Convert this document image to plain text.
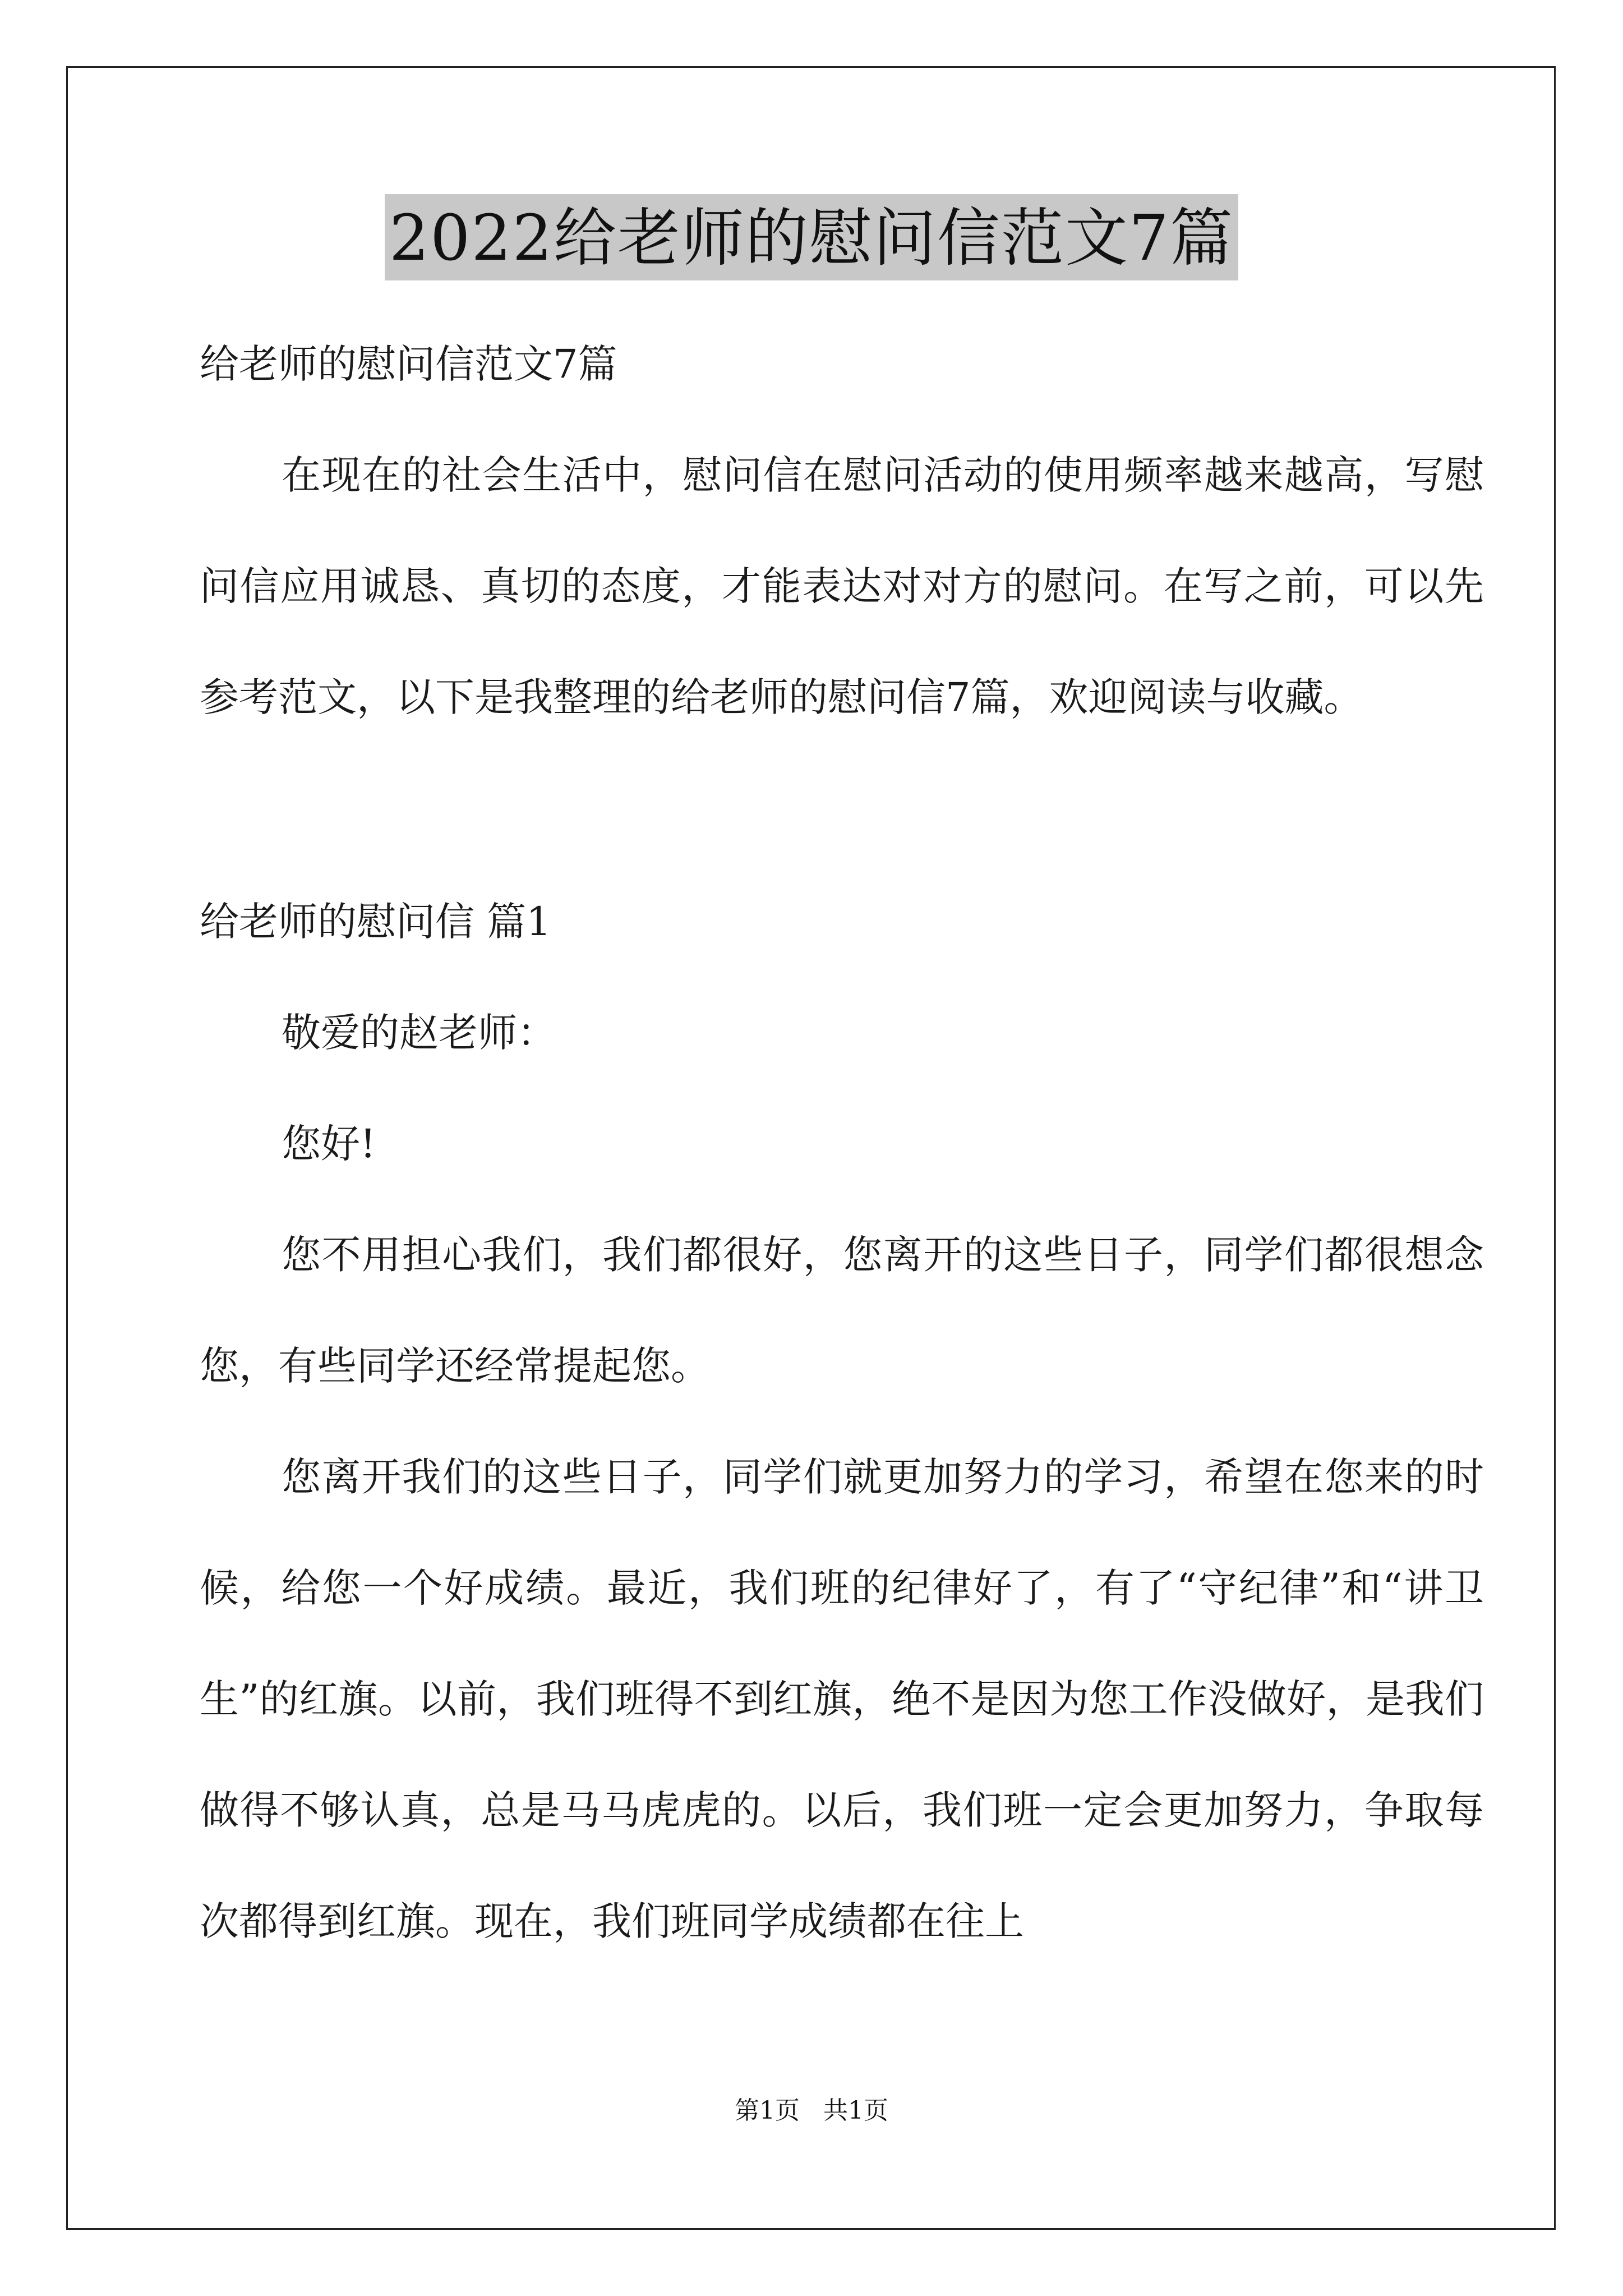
2022给老师的慰问信范文7篇

给老师的慰问信范文7篇

在现在的社会生活中，慰问信在慰问活动的使用频率越来越高，写慰问信应用诚恳、真切的态度，才能表达对对方的慰问。在写之前，可以先参考范文，以下是我整理的给老师的慰问信7篇，欢迎阅读与收藏。

给老师的慰问信 篇1

敬爱的赵老师：

您好!

您不用担心我们，我们都很好，您离开的这些日子，同学们都很想念您，有些同学还经常提起您。

您离开我们的这些日子，同学们就更加努力的学习，希望在您来的时候，给您一个好成绩。最近，我们班的纪律好了，有了“守纪律”和“讲卫生”的红旗。以前，我们班得不到红旗，绝不是因为您工作没做好，是我们做得不够认真，总是马马虎虎的。以后，我们班一定会更加努力，争取每次都得到红旗。现在，我们班同学成绩都在往上

第1页 共1页
